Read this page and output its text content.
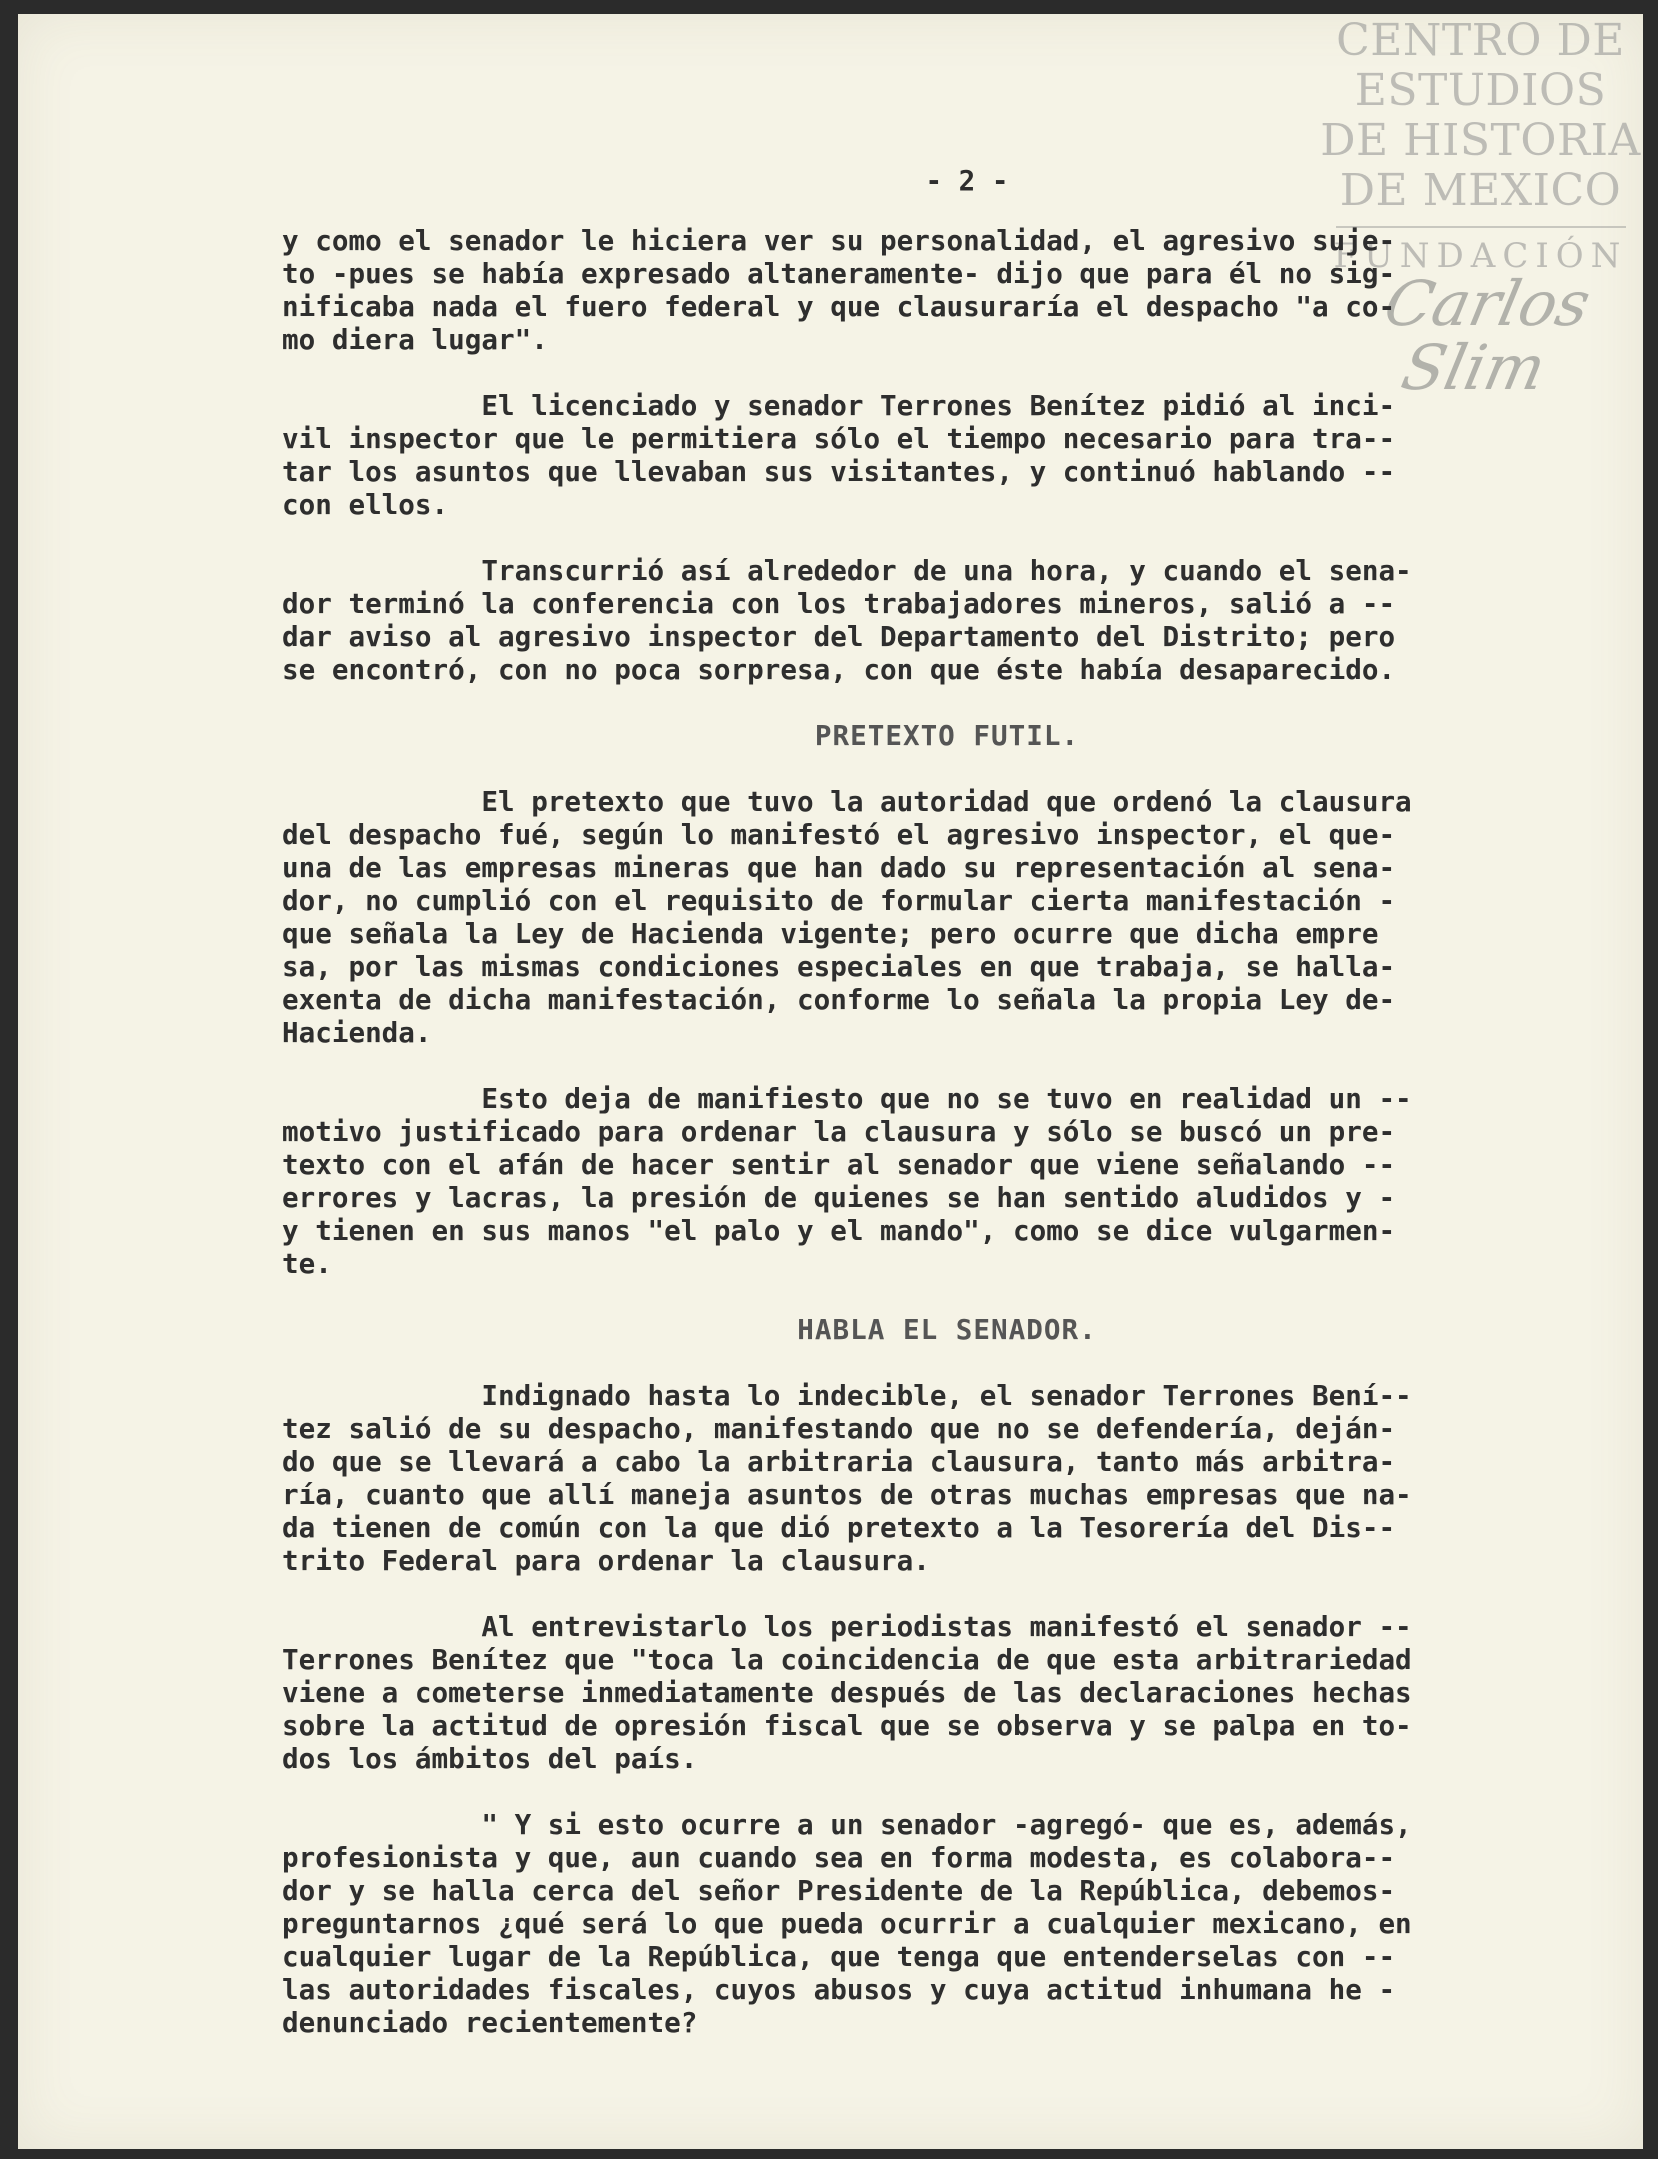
CENTRO DE
ESTUDIOS
DE HISTORIA
DE MEXICO
FUNDACIÓN
Carlos Slim
- 2 -
y como el senador le hiciera ver su personalidad, el agresivo suje-
to -pues se había expresado altaneramente- dijo que para él no sig-
nificaba nada el fuero federal y que clausuraría el despacho "a co-
mo diera lugar".
El licenciado y senador Terrones Benítez pidió al inci-
vil inspector que le permitiera sólo el tiempo necesario para tra--
tar los asuntos que llevaban sus visitantes, y continuó hablando --
con ellos.
Transcurrió así alrededor de una hora, y cuando el sena-
dor terminó la conferencia con los trabajadores mineros, salió a --
dar aviso al agresivo inspector del Departamento del Distrito; pero
se encontró, con no poca sorpresa, con que éste había desaparecido.
PRETEXTO FUTIL.
El pretexto que tuvo la autoridad que ordenó la clausura
del despacho fué, según lo manifestó el agresivo inspector, el que-
una de las empresas mineras que han dado su representación al sena-
dor, no cumplió con el requisito de formular cierta manifestación -
que señala la Ley de Hacienda vigente; pero ocurre que dicha empre
sa, por las mismas condiciones especiales en que trabaja, se halla-
exenta de dicha manifestación, conforme lo señala la propia Ley de-
Hacienda.
Esto deja de manifiesto que no se tuvo en realidad un --
motivo justificado para ordenar la clausura y sólo se buscó un pre-
texto con el afán de hacer sentir al senador que viene señalando --
errores y lacras, la presión de quienes se han sentido aludidos y -
y tienen en sus manos "el palo y el mando", como se dice vulgarmen-
te.
HABLA EL SENADOR.
Indignado hasta lo indecible, el senador Terrones Bení--
tez salió de su despacho, manifestando que no se defendería, deján-
do que se llevará a cabo la arbitraria clausura, tanto más arbitra-
ría, cuanto que allí maneja asuntos de otras muchas empresas que na-
da tienen de común con la que dió pretexto a la Tesorería del Dis--
trito Federal para ordenar la clausura.
Al entrevistarlo los periodistas manifestó el senador --
Terrones Benítez que "toca la coincidencia de que esta arbitrariedad
viene a cometerse inmediatamente después de las declaraciones hechas
sobre la actitud de opresión fiscal que se observa y se palpa en to-
dos los ámbitos del país.
" Y si esto ocurre a un senador -agregó- que es, además,
profesionista y que, aun cuando sea en forma modesta, es colabora--
dor y se halla cerca del señor Presidente de la República, debemos-
preguntarnos ¿qué será lo que pueda ocurrir a cualquier mexicano, en
cualquier lugar de la República, que tenga que entenderselas con --
las autoridades fiscales, cuyos abusos y cuya actitud inhumana he -
denunciado recientemente?
